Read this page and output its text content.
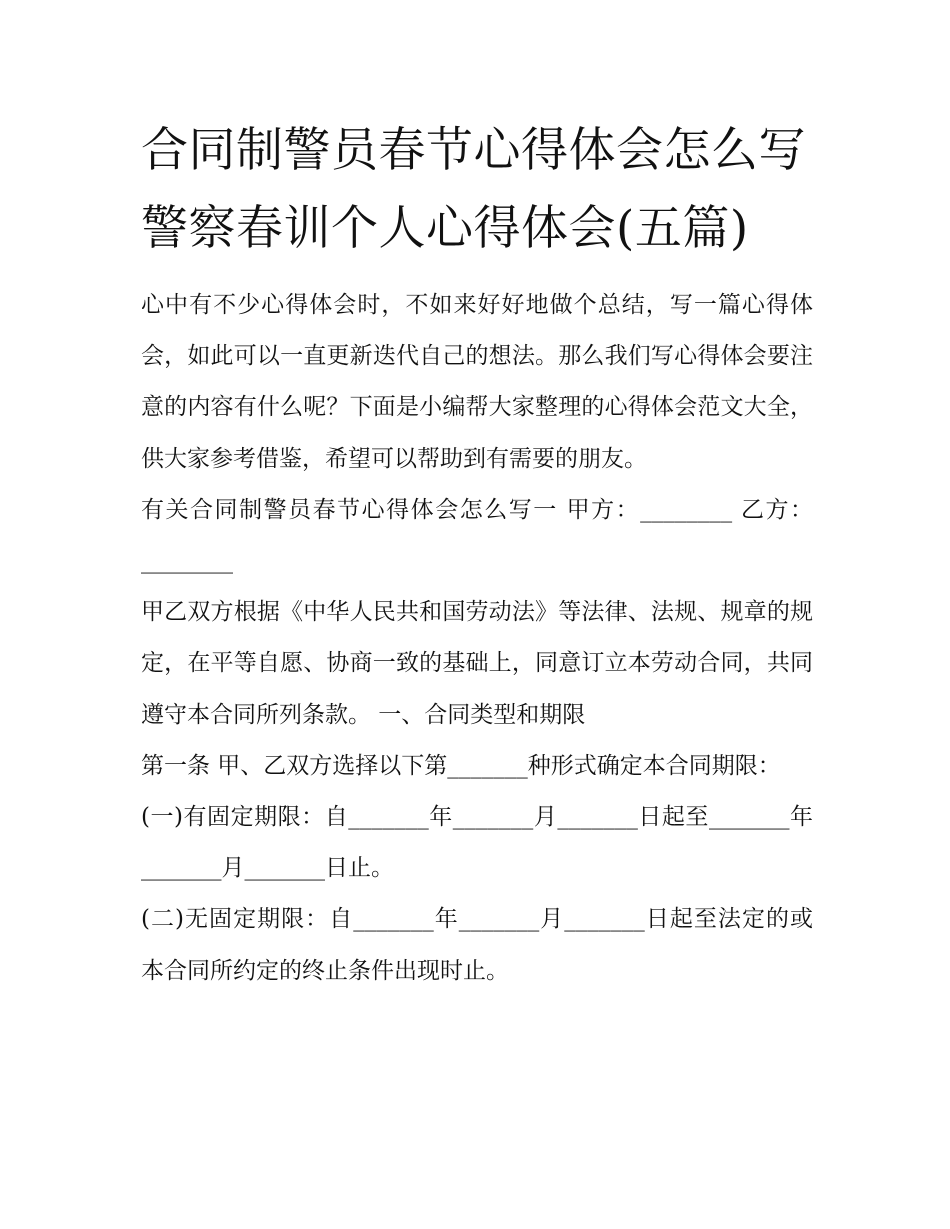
合同制警员春节心得体会怎么写 警察春训个人心得体会(五篇)

心中有不少心得体会时，不如来好好地做个总结，写一篇心得体会，如此可以一直更新迭代自己的想法。那么我们写心得体会要注意的内容有什么呢？下面是小编帮大家整理的心得体会范文大全，供大家参考借鉴，希望可以帮助到有需要的朋友。

有关合同制警员春节心得体会怎么写一 甲方：________ 乙方：________

甲乙双方根据《中华人民共和国劳动法》等法律、法规、规章的规定，在平等自愿、协商一致的基础上，同意订立本劳动合同，共同遵守本合同所列条款。 一、合同类型和期限

第一条 甲、乙双方选择以下第_______种形式确定本合同期限：

(一)有固定期限：自_______年_______月_______日起至_______年_______月_______日止。

(二)无固定期限：自_______年_______月_______日起至法定的或本合同所约定的终止条件出现时止。
